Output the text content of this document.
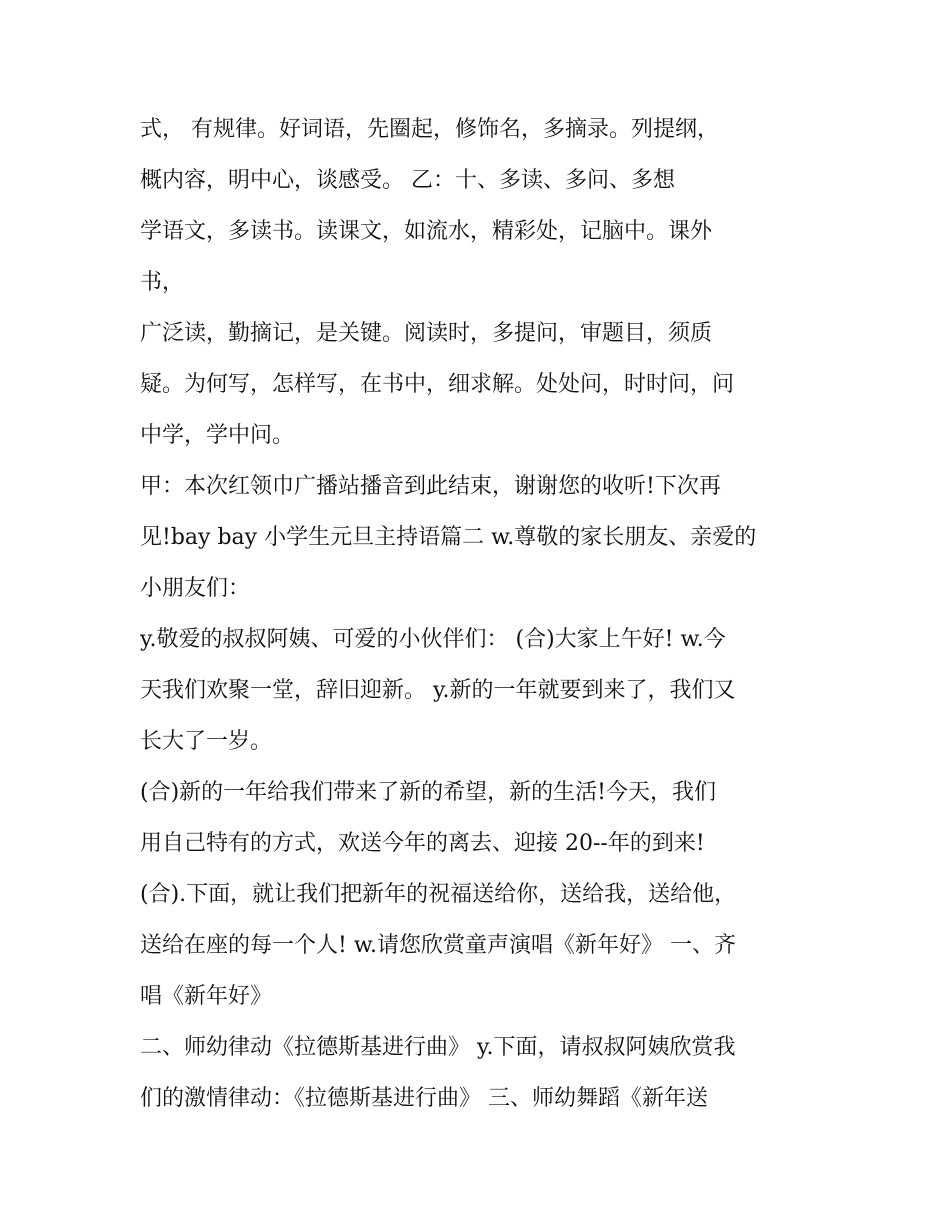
式， 有规律。好词语，先圈起，修饰名，多摘录。列提纲，
概内容，明中心，谈感受。 乙：十、多读、多问、多想
学语文，多读书。读课文，如流水，精彩处，记脑中。课外
书，
广泛读，勤摘记，是关键。阅读时，多提问，审题目，须质
疑。为何写，怎样写，在书中，细求解。处处问，时时问，问
中学，学中问。
甲：本次红领巾广播站播音到此结束，谢谢您的收听!下次再
见!bay bay 小学生元旦主持语篇二 w.尊敬的家长朋友、亲爱的
小朋友们：
y.敬爱的叔叔阿姨、可爱的小伙伴们： (合)大家上午好! w.今
天我们欢聚一堂，辞旧迎新。 y.新的一年就要到来了，我们又
长大了一岁。
(合)新的一年给我们带来了新的希望，新的生活!今天，我们
用自己特有的方式，欢送今年的离去、迎接 20--年的到来!
(合).下面，就让我们把新年的祝福送给你，送给我，送给他，
送给在座的每一个人! w.请您欣赏童声演唱《新年好》 一、齐
唱《新年好》
二、师幼律动《拉德斯基进行曲》 y.下面，请叔叔阿姨欣赏我
们的激情律动：《拉德斯基进行曲》 三、师幼舞蹈《新年送
